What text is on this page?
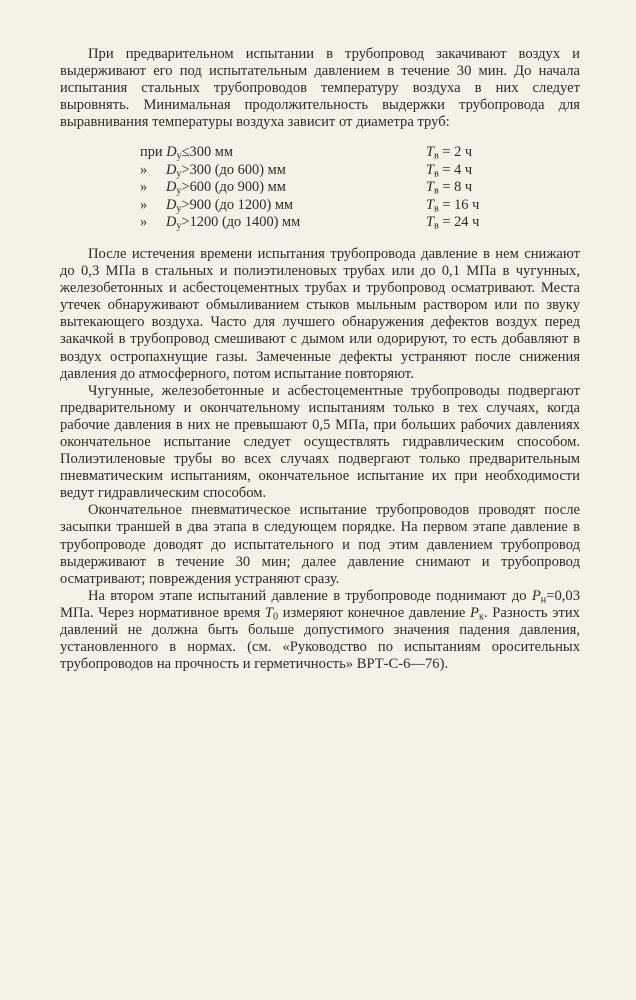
При предварительном испытании в трубопровод закачивают воздух и выдерживают его под испытательным давлением в течение 30 мин. До начала испытания стальных трубопроводов температуру воздуха в них следует выровнять. Минимальная продолжительность выдержки трубопровода для выравнивания температуры воздуха зависит от диаметра труб:

при $D_у\le 300$ мм	$T_в = 2$ ч
» $D_у>300$ (до 600) мм	$T_в = 4$ ч
» $D_у>600$ (до 900) мм	$T_в = 8$ ч
» $D_у>900$ (до 1200) мм	$T_в = 16$ ч
» $D_у>1200$ (до 1400) мм	$T_в = 24$ ч

После истечения времени испытания трубопровода давление в нем снижают до 0,3 МПа в стальных и полиэтиленовых трубах или до 0,1 МПа в чугунных, железобетонных и асбестоцементных трубах и трубопровод осматривают. Места утечек обнаруживают обмыливанием стыков мыльным раствором или по звуку вытекающего воздуха. Часто для лучшего обнаружения дефектов воздух перед закачкой в трубопровод смешивают с дымом или одорируют, то есть добавляют в воздух остропахнущие газы. Замеченные дефекты устраняют после снижения давления до атмосферного, потом испытание повторяют.

Чугунные, железобетонные и асбестоцементные трубопроводы подвергают предварительному и окончательному испытаниям только в тех случаях, когда рабочие давления в них не превышают 0,5 МПа, при больших рабочих давлениях окончательное испытание следует осуществлять гидравлическим способом. Полиэтиленовые трубы во всех случаях подвергают только предварительным пневматическим испытаниям, окончательное испытание их при необходимости ведут гидравлическим способом.

Окончательное пневматическое испытание трубопроводов проводят после засыпки траншей в два этапа в следующем порядке. На первом этапе давление в трубопроводе доводят до испытательного и под этим давлением трубопровод выдерживают в течение 30 мин; далее давление снимают и трубопровод осматривают; повреждения устраняют сразу.

На втором этапе испытаний давление в трубопроводе поднимают до $P_н=0,03$ МПа. Через нормативное время $T_0$ измеряют конечное давление $P_к$. Разность этих давлений не должна быть больше допустимого значения падения давления, установленного в нормах. (см. «Руководство по испытаниям оросительных трубопроводов на прочность и герметичность» ВРТ-С-6—76).
